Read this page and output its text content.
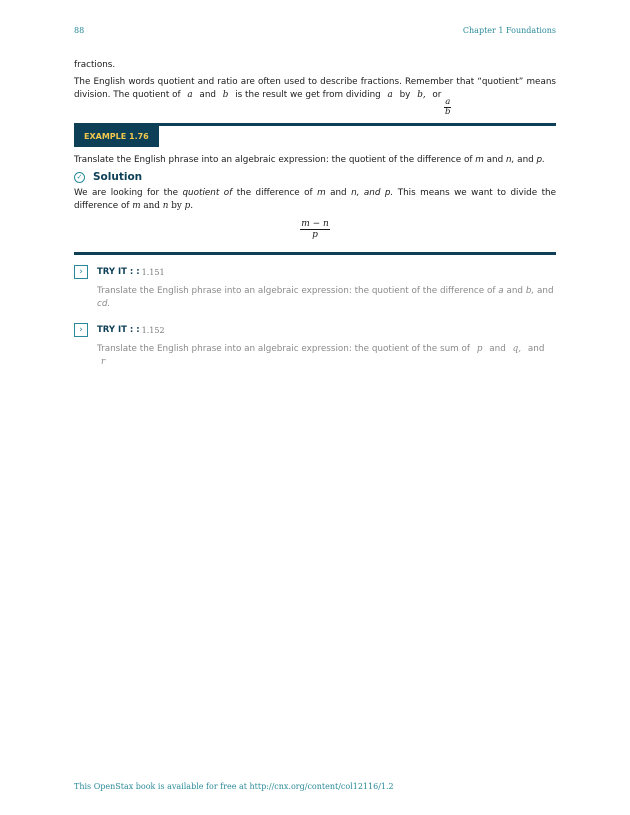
88	Chapter 1 Foundations

fractions.

The English words quotient and ratio are often used to describe fractions. Remember that “quotient” means division. The quotient of a and b is the result we get from dividing a by b, or
$\frac{a}{b}$

EXAMPLE 1.76

Translate the English phrase into an algebraic expression: the quotient of the difference of m and n, and p.

✓ Solution

We are looking for the quotient of the difference of m and n, and p. This means we want to divide the difference of m and n by p.

$\frac{m - n}{p}$
›	TRY IT : : 1.151
Translate the English phrase into an algebraic expression: the quotient of the difference of a and b, and cd.
›	TRY IT : : 1.152
Translate the English phrase into an algebraic expression: the quotient of the sum of p and q, and r
This OpenStax book is available for free at http://cnx.org/content/col12116/1.2
